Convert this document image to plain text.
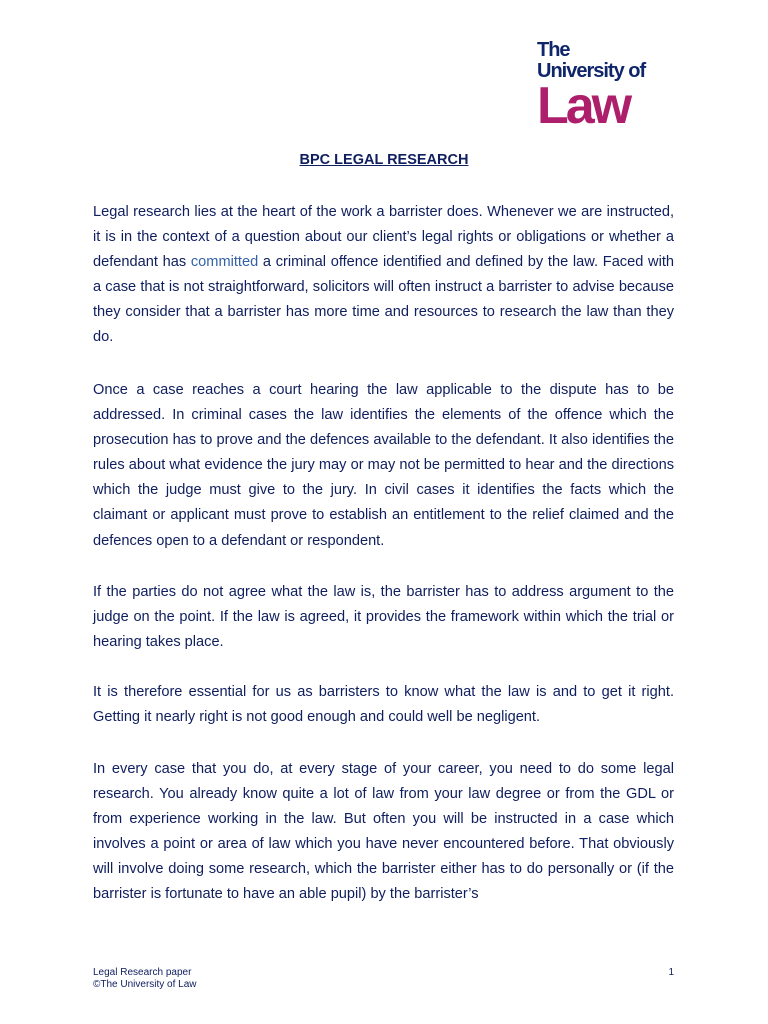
The
University of
Law
BPC LEGAL RESEARCH

Legal research lies at the heart of the work a barrister does. Whenever we are instructed, it is in the context of a question about our client’s legal rights or obligations or whether a defendant has committed a criminal offence identified and defined by the law. Faced with a case that is not straightforward, solicitors will often instruct a barrister to advise because they consider that a barrister has more time and resources to research the law than they do.

Once a case reaches a court hearing the law applicable to the dispute has to be addressed. In criminal cases the law identifies the elements of the offence which the prosecution has to prove and the defences available to the defendant. It also identifies the rules about what evidence the jury may or may not be permitted to hear and the directions which the judge must give to the jury. In civil cases it identifies the facts which the claimant or applicant must prove to establish an entitlement to the relief claimed and the defences open to a defendant or respondent.

If the parties do not agree what the law is, the barrister has to address argument to the judge on the point. If the law is agreed, it provides the framework within which the trial or hearing takes place.

It is therefore essential for us as barristers to know what the law is and to get it right. Getting it nearly right is not good enough and could well be negligent.

In every case that you do, at every stage of your career, you need to do some legal research. You already know quite a lot of law from your law degree or from the GDL or from experience working in the law. But often you will be instructed in a case which involves a point or area of law which you have never encountered before. That obviously will involve doing some research, which the barrister either has to do personally or (if the barrister is fortunate to have an able pupil) by the barrister’s

Legal Research paper
©The University of Law
1
